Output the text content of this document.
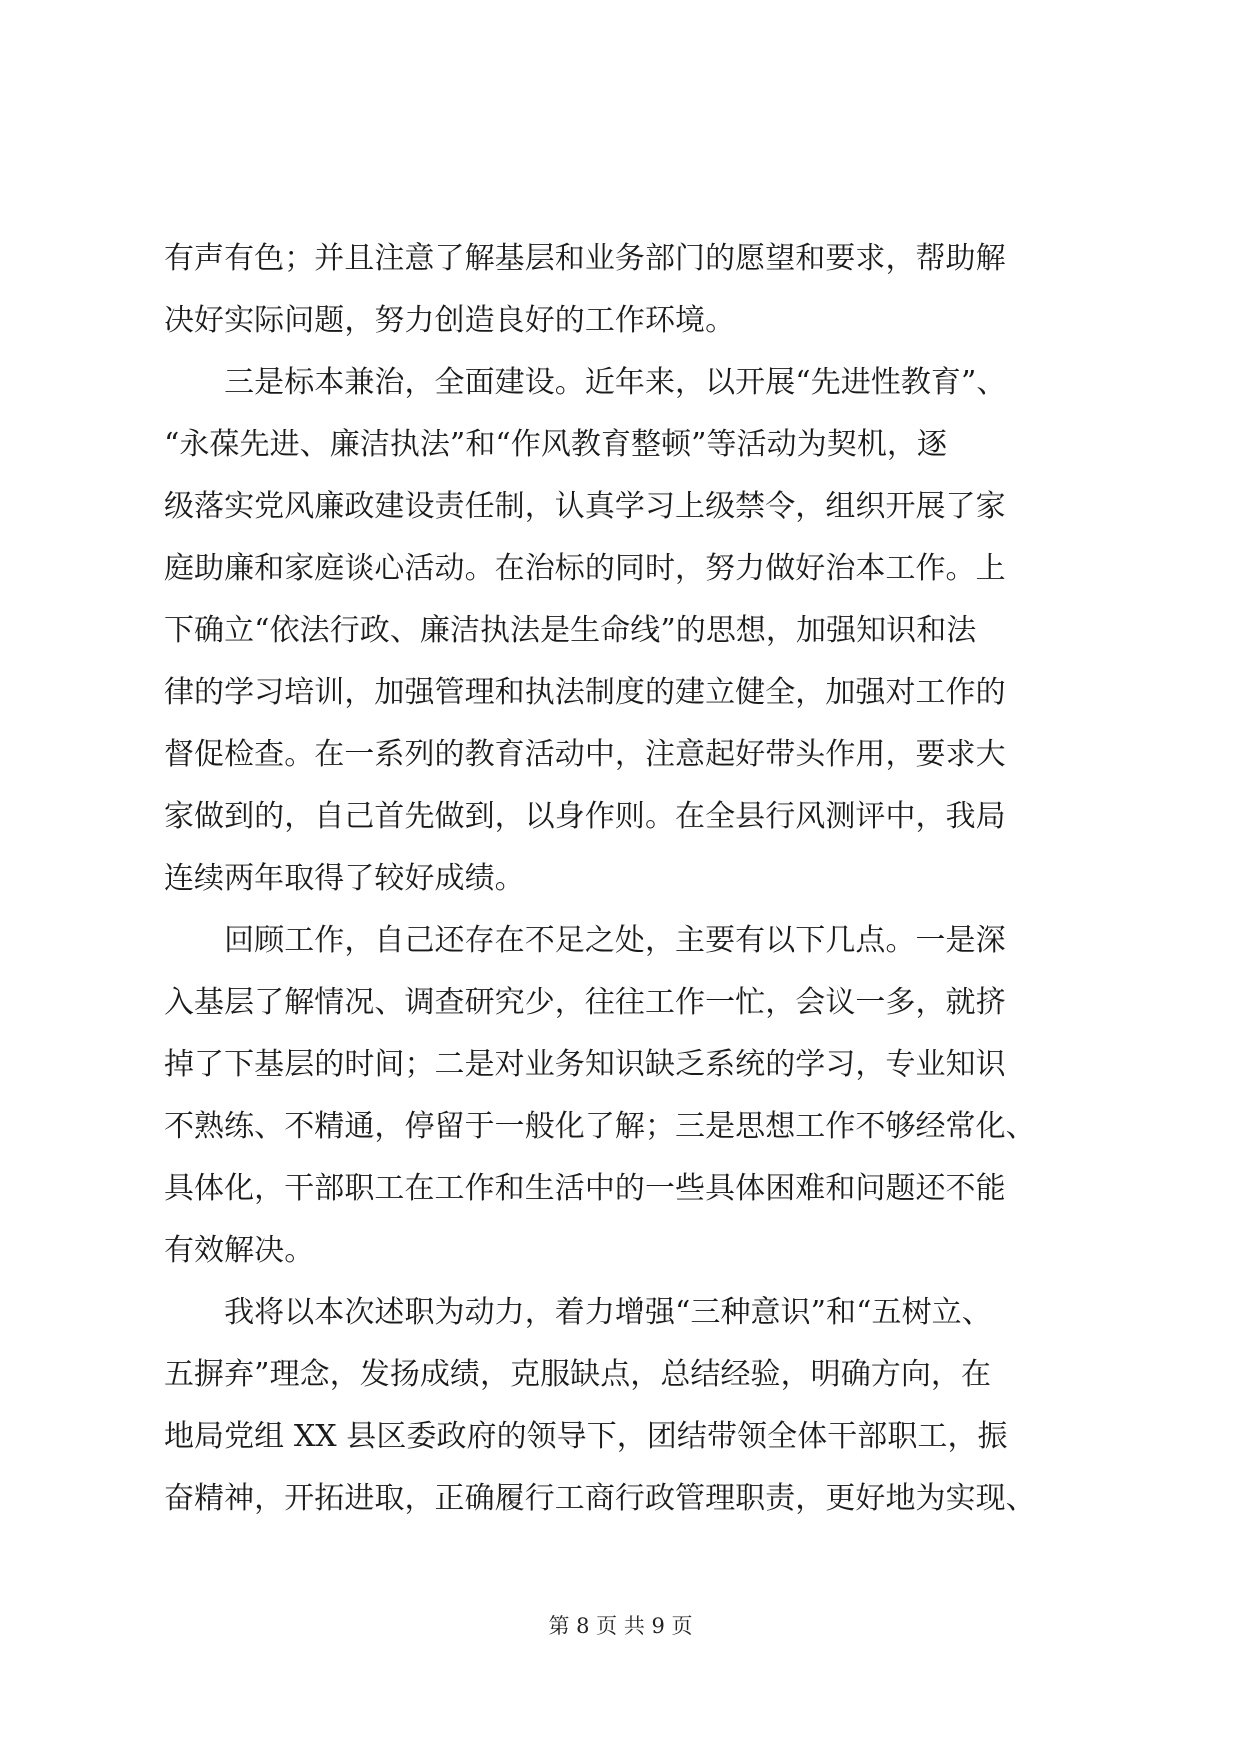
有声有色；并且注意了解基层和业务部门的愿望和要求，帮助解
决好实际问题，努力创造良好的工作环境。
　　三是标本兼治，全面建设。近年来，以开展“先进性教育”、
“永葆先进、廉洁执法”和“作风教育整顿”等活动为契机，逐
级落实党风廉政建设责任制，认真学习上级禁令，组织开展了家
庭助廉和家庭谈心活动。在治标的同时，努力做好治本工作。上
下确立“依法行政、廉洁执法是生命线”的思想，加强知识和法
律的学习培训，加强管理和执法制度的建立健全，加强对工作的
督促检查。在一系列的教育活动中，注意起好带头作用，要求大
家做到的，自己首先做到，以身作则。在全县行风测评中，我局
连续两年取得了较好成绩。
　　回顾工作，自己还存在不足之处，主要有以下几点。一是深
入基层了解情况、调查研究少，往往工作一忙，会议一多，就挤
掉了下基层的时间；二是对业务知识缺乏系统的学习，专业知识
不熟练、不精通，停留于一般化了解；三是思想工作不够经常化、
具体化，干部职工在工作和生活中的一些具体困难和问题还不能
有效解决。
　　我将以本次述职为动力，着力增强“三种意识”和“五树立、
五摒弃”理念，发扬成绩，克服缺点，总结经验，明确方向，在
地局党组 XX 县区委政府的领导下，团结带领全体干部职工，振
奋精神，开拓进取，正确履行工商行政管理职责，更好地为实现、
第 8 页 共 9 页
